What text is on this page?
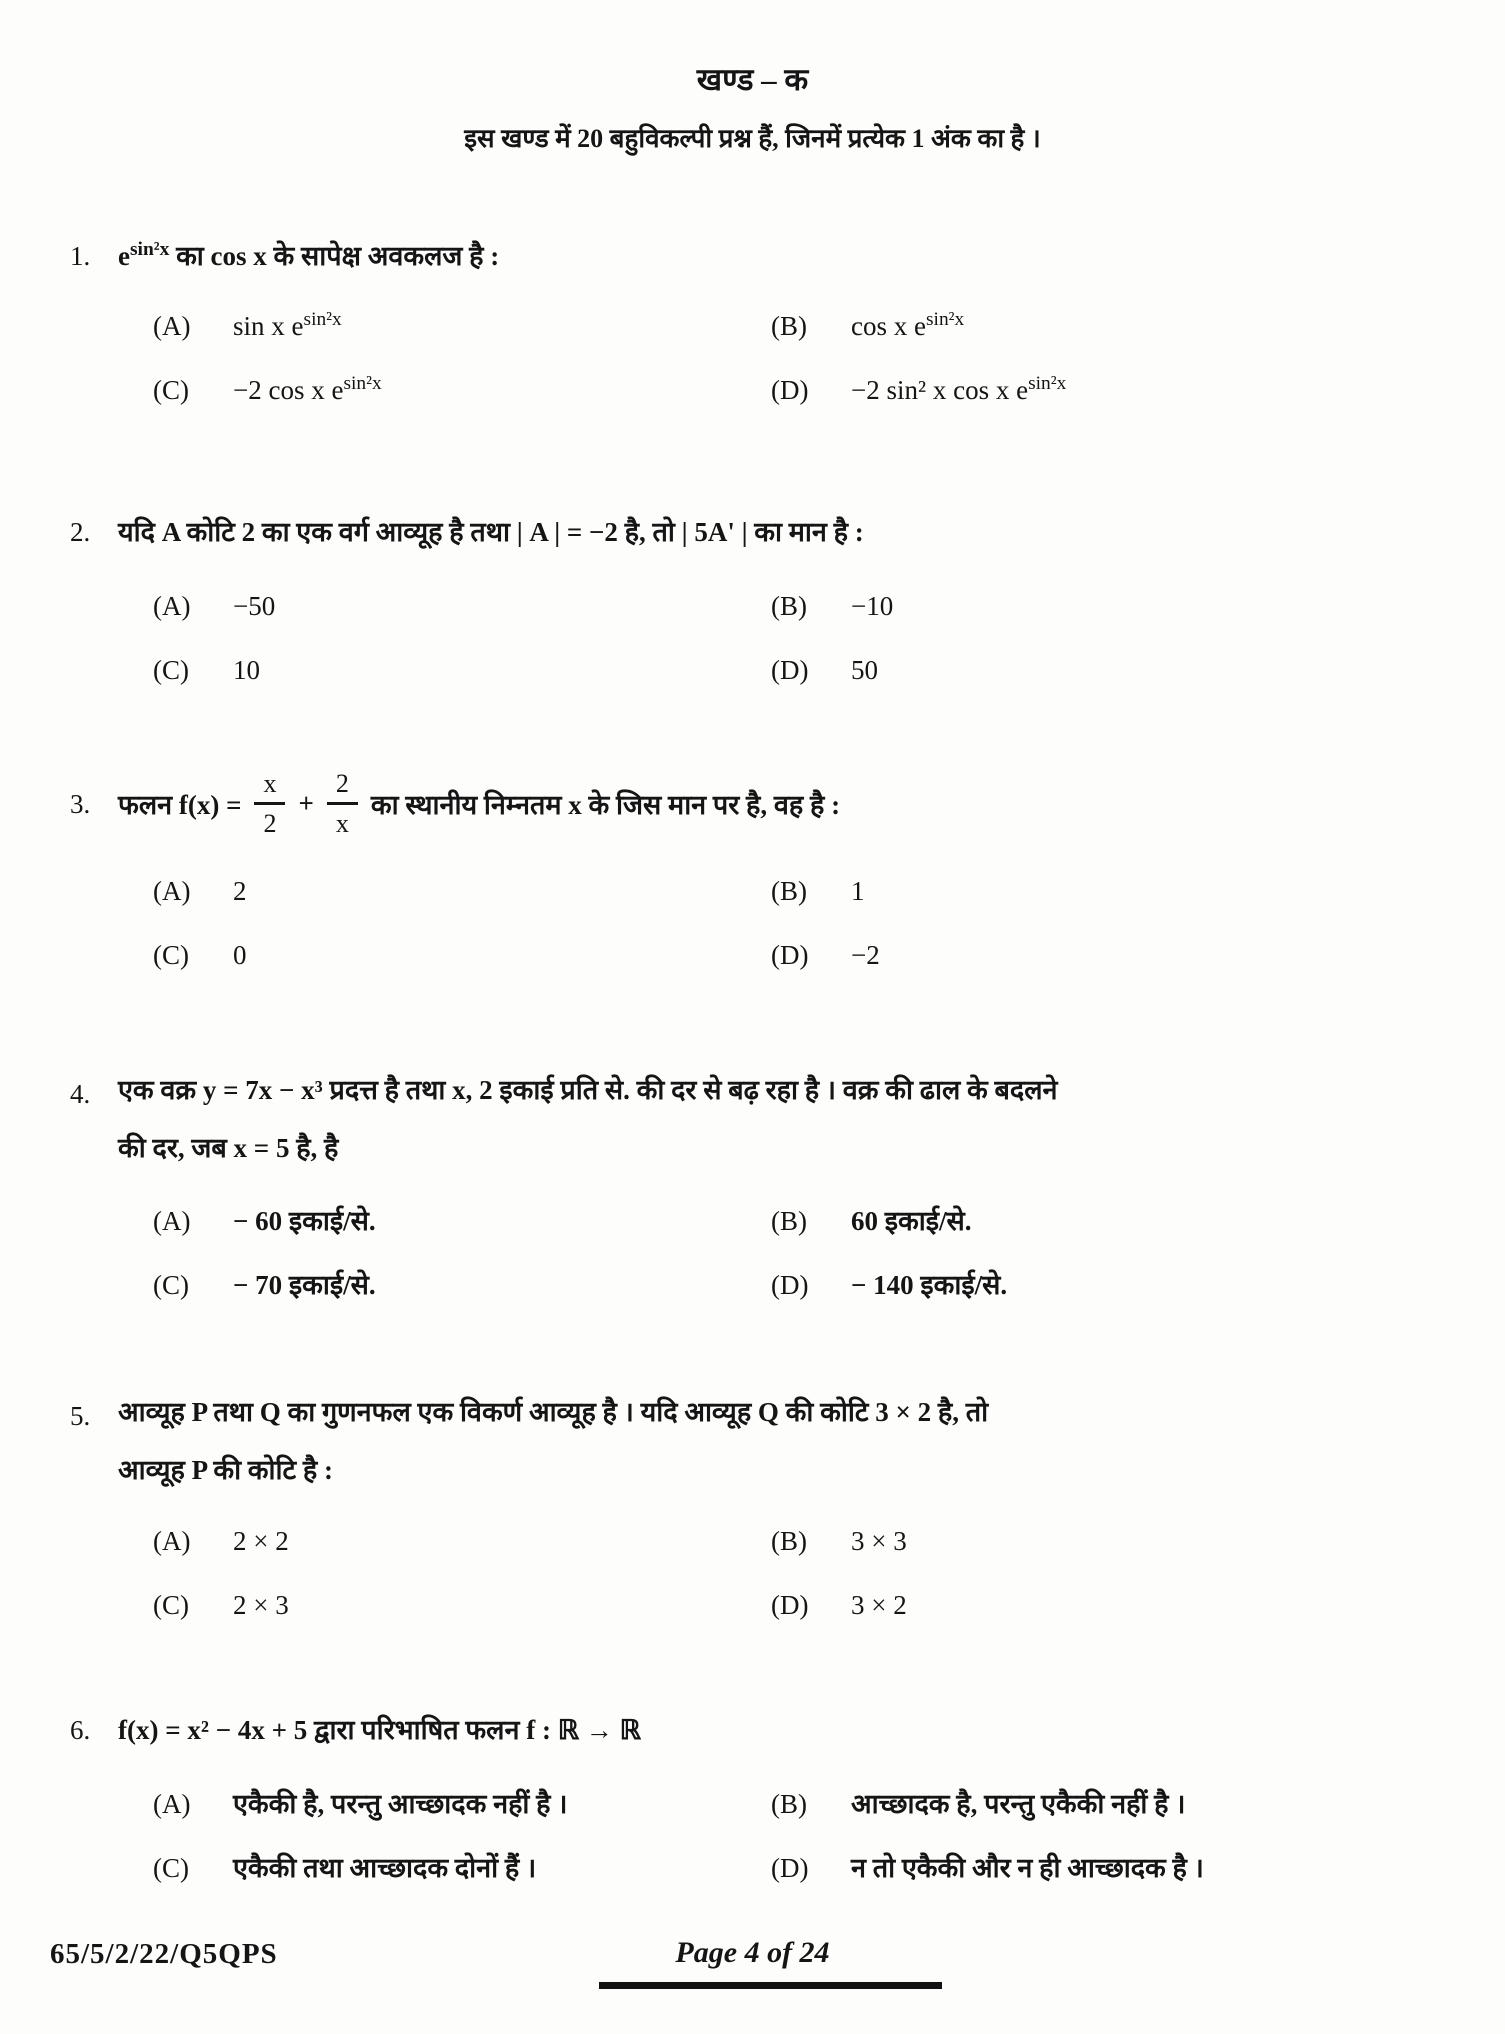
खण्ड – क
इस खण्ड में 20 बहुविकल्पी प्रश्न हैं, जिनमें प्रत्येक 1 अंक का है ।
1.	$e^{sin^2x}$ का cos x के सापेक्ष अवकलज है :
(A)	sin x $e^{sin^2x}$	(B)	cos x $e^{sin^2x}$
(C)	−2 cos x $e^{sin^2x}$	(D)	−2 sin² x cos x $e^{sin^2x}$
2.	यदि A कोटि 2 का एक वर्ग आव्यूह है तथा | A | = −2 है, तो | 5A' | का मान है :
(A)	−50	(B)	−10
(C)	10	(D)	50
3.	फलन $f(x) = \frac{x}{2} + \frac{2}{x}$ का स्थानीय निम्नतम x के जिस मान पर है, वह है :
(A)	2	(B)	1
(C)	0	(D)	−2
4.	एक वक्र y = 7x − x³ प्रदत्त है तथा x, 2 इकाई प्रति से. की दर से बढ़ रहा है । वक्र की ढाल के बदलने
की दर, जब x = 5 है, है
(A)	− 60 इकाई/से.	(B)	60 इकाई/से.
(C)	− 70 इकाई/से.	(D)	− 140 इकाई/से.
5.	आव्यूह P तथा Q का गुणनफल एक विकर्ण आव्यूह है । यदि आव्यूह Q की कोटि 3 × 2 है, तो
आव्यूह P की कोटि है :
(A)	2 × 2	(B)	3 × 3
(C)	2 × 3	(D)	3 × 2
6.	f(x) = x² − 4x + 5 द्वारा परिभाषित फलन f : ℝ → ℝ
(A)	एकैकी है, परन्तु आच्छादक नहीं है ।	(B)	आच्छादक है, परन्तु एकैकी नहीं है ।
(C)	एकैकी तथा आच्छादक दोनों हैं ।	(D)	न तो एकैकी और न ही आच्छादक है ।
65/5/2/22/Q5QPS	Page 4 of 24
